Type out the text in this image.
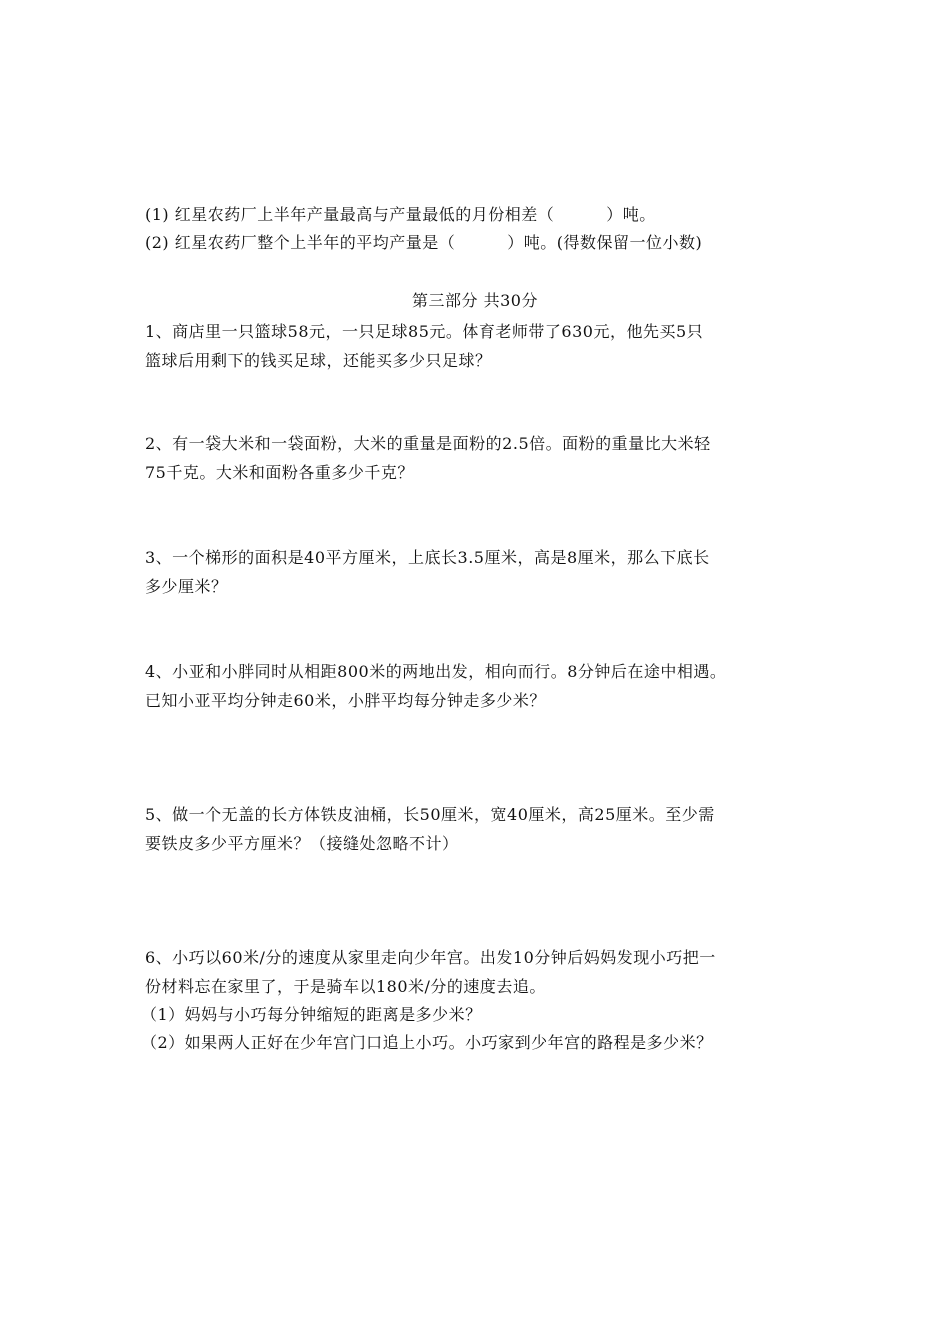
(1) 红星农药厂上半年产量最高与产量最低的月份相差（	）吨。
(2) 红星农药厂整个上半年的平均产量是（	）吨。(得数保留一位小数)
第三部分 共30分
1、商店里一只篮球58元，一只足球85元。体育老师带了630元，他先买5只
篮球后用剩下的钱买足球，还能买多少只足球？
2、有一袋大米和一袋面粉，大米的重量是面粉的2.5倍。面粉的重量比大米轻
75千克。大米和面粉各重多少千克？
3、一个梯形的面积是40平方厘米，上底长3.5厘米，高是8厘米，那么下底长
多少厘米？
4、小亚和小胖同时从相距800米的两地出发，相向而行。8分钟后在途中相遇。
已知小亚平均分钟走60米，小胖平均每分钟走多少米？
5、做一个无盖的长方体铁皮油桶，长50厘米，宽40厘米，高25厘米。至少需
要铁皮多少平方厘米？（接缝处忽略不计）
6、小巧以60米/分的速度从家里走向少年宫。出发10分钟后妈妈发现小巧把一
份材料忘在家里了，于是骑车以180米/分的速度去追。
（1）妈妈与小巧每分钟缩短的距离是多少米？
（2）如果两人正好在少年宫门口追上小巧。小巧家到少年宫的路程是多少米？
